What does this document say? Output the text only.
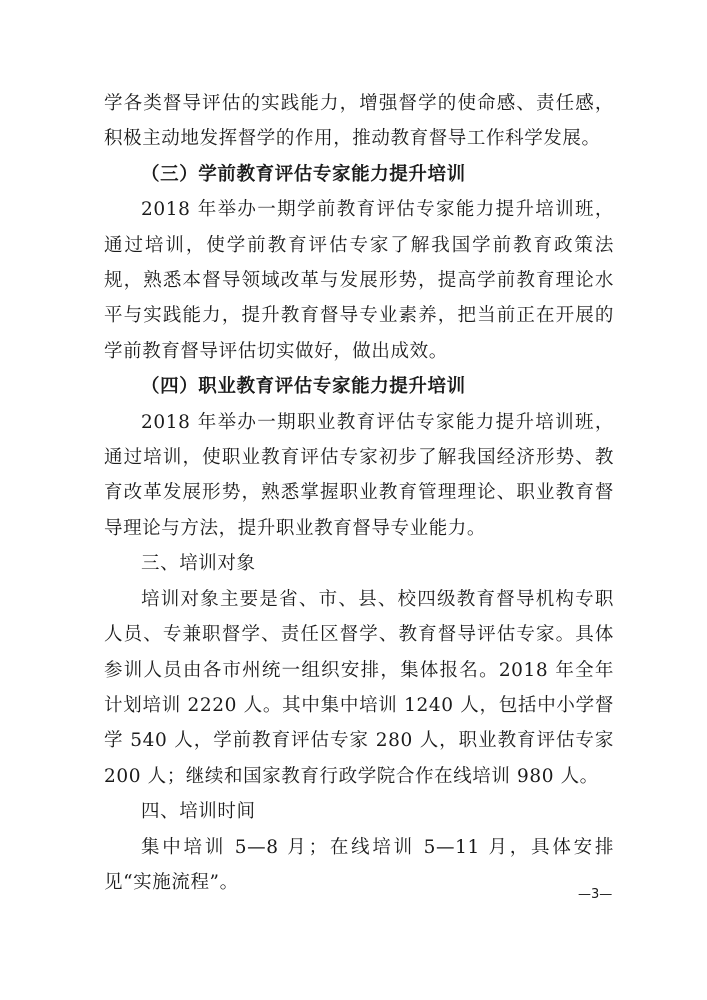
学各类督导评估的实践能力，增强督学的使命感、责任感，积极主动地发挥督学的作用，推动教育督导工作科学发展。

（三）学前教育评估专家能力提升培训

2018 年举办一期学前教育评估专家能力提升培训班，通过培训，使学前教育评估专家了解我国学前教育政策法规，熟悉本督导领域改革与发展形势，提高学前教育理论水平与实践能力，提升教育督导专业素养，把当前正在开展的学前教育督导评估切实做好，做出成效。

（四）职业教育评估专家能力提升培训

2018 年举办一期职业教育评估专家能力提升培训班，通过培训，使职业教育评估专家初步了解我国经济形势、教育改革发展形势，熟悉掌握职业教育管理理论、职业教育督导理论与方法，提升职业教育督导专业能力。

三、培训对象

培训对象主要是省、市、县、校四级教育督导机构专职人员、专兼职督学、责任区督学、教育督导评估专家。具体参训人员由各市州统一组织安排，集体报名。2018 年全年计划培训 2220 人。其中集中培训 1240 人，包括中小学督学 540 人，学前教育评估专家 280 人，职业教育评估专家 200 人；继续和国家教育行政学院合作在线培训 980 人。

四、培训时间

集中培训 5—8 月；在线培训 5—11 月，具体安排见“实施流程”。

—3—
